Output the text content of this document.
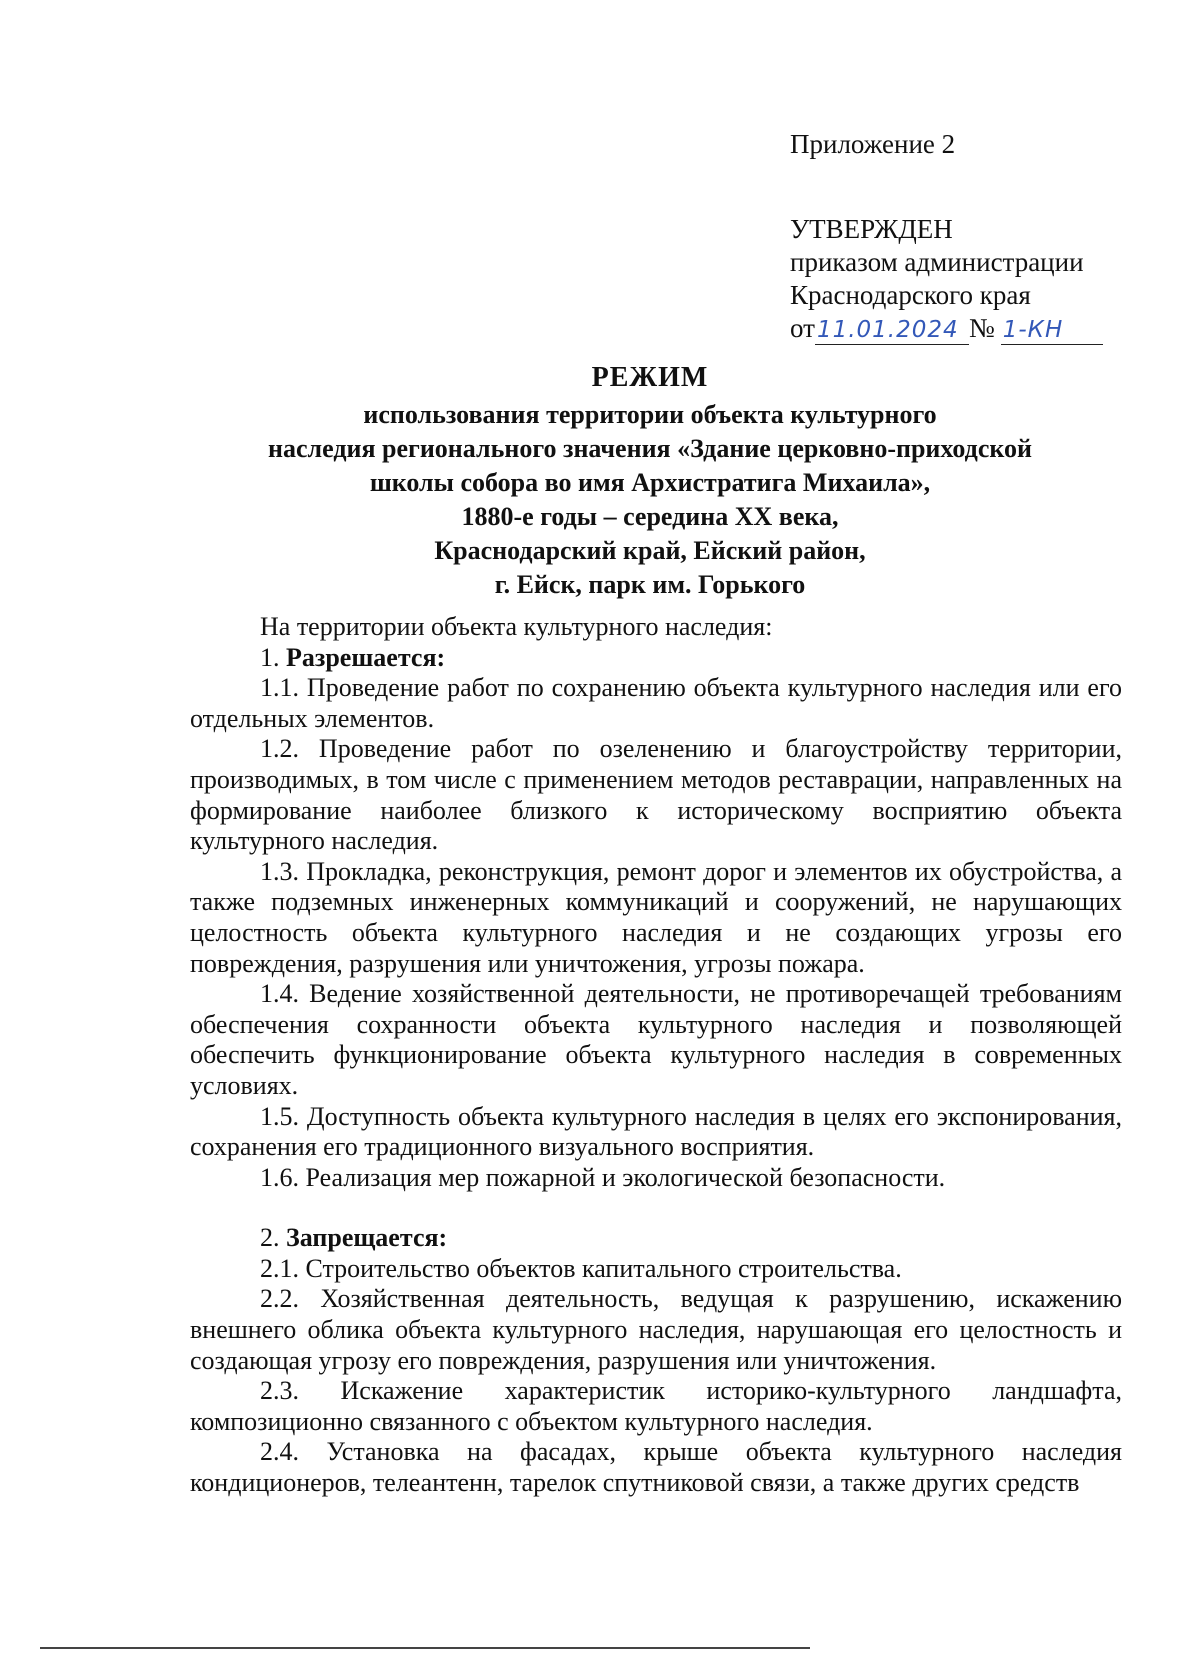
Приложение 2
УТВЕРЖДЕН
приказом администрации
Краснодарского края
от11.01.2024 № 1-КН
РЕЖИМ
использования территории объекта культурного
наследия регионального значения «Здание церковно-приходской
школы собора во имя Архистратига Михаила»,
1880-е годы – середина XX века,
Краснодарский край, Ейский район,
г. Ейск, парк им. Горького

На территории объекта культурного наследия:

1. Разрешается:

1.1. Проведение работ по сохранению объекта культурного наследия или его отдельных элементов.

1.2. Проведение работ по озеленению и благоустройству территории, производимых, в том числе с применением методов реставрации, направленных на формирование наиболее близкого к историческому восприятию объекта культурного наследия.

1.3. Прокладка, реконструкция, ремонт дорог и элементов их обустройства, а также подземных инженерных коммуникаций и сооружений, не нарушающих целостность объекта культурного наследия и не создающих угрозы его повреждения, разрушения или уничтожения, угрозы пожара.

1.4. Ведение хозяйственной деятельности, не противоречащей требованиям обеспечения сохранности объекта культурного наследия и позволяющей обеспечить функционирование объекта культурного наследия в современных условиях.

1.5. Доступность объекта культурного наследия в целях его экспонирования, сохранения его традиционного визуального восприятия.

1.6. Реализация мер пожарной и экологической безопасности.

2. Запрещается:

2.1. Строительство объектов капитального строительства.

2.2. Хозяйственная деятельность, ведущая к разрушению, искажению внешнего облика объекта культурного наследия, нарушающая его целостность и создающая угрозу его повреждения, разрушения или уничтожения.

2.3. Искажение характеристик историко-культурного ландшафта, композиционно связанного с объектом культурного наследия.

2.4. Установка на фасадах, крыше объекта культурного наследия кондиционеров, телеантенн, тарелок спутниковой связи, а также других средств
